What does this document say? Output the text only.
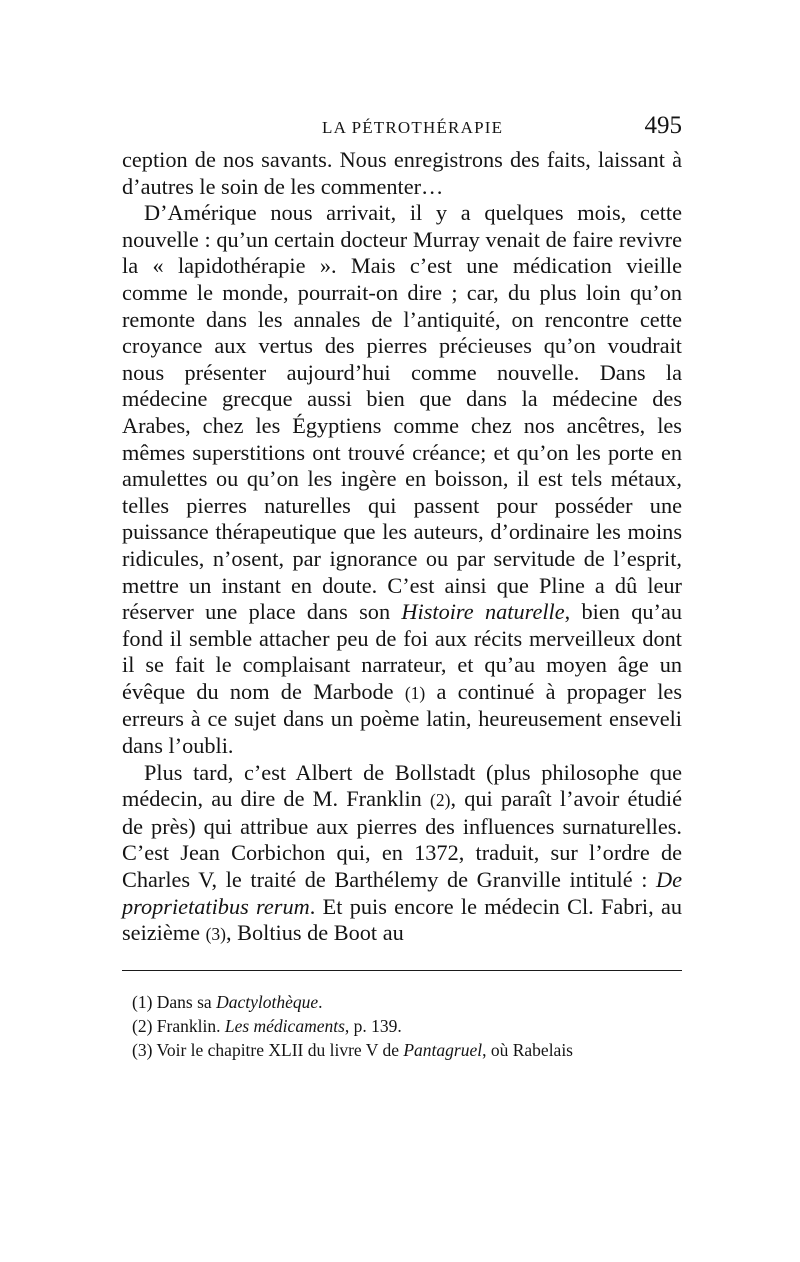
LA PÉTROTHÉRAPIE	495

ception de nos savants. Nous enregistrons des faits, laissant à d’autres le soin de les commenter…

D’Amérique nous arrivait, il y a quelques mois, cette nouvelle : qu’un certain docteur Murray venait de faire revivre la « lapidothérapie ». Mais c’est une médication vieille comme le monde, pourrait-on dire ; car, du plus loin qu’on remonte dans les annales de l’antiquité, on rencontre cette croyance aux vertus des pierres précieuses qu’on voudrait nous présenter aujourd’hui comme nouvelle. Dans la médecine grecque aussi bien que dans la médecine des Arabes, chez les Égyptiens comme chez nos ancêtres, les mêmes superstitions ont trouvé créance; et qu’on les porte en amulettes ou qu’on les ingère en boisson, il est tels métaux, telles pierres naturelles qui passent pour posséder une puissance thérapeutique que les auteurs, d’ordinaire les moins ridicules, n’osent, par ignorance ou par servitude de l’esprit, mettre un instant en doute. C’est ainsi que Pline a dû leur réserver une place dans son Histoire naturelle, bien qu’au fond il semble attacher peu de foi aux récits merveilleux dont il se fait le complaisant narrateur, et qu’au moyen âge un évêque du nom de Marbode (1) a continué à propager les erreurs à ce sujet dans un poème latin, heureusement enseveli dans l’oubli.

Plus tard, c’est Albert de Bollstadt (plus philosophe que médecin, au dire de M. Franklin (2), qui paraît l’avoir étudié de près) qui attribue aux pierres des influences surnaturelles. C’est Jean Corbichon qui, en 1372, traduit, sur l’ordre de Charles V, le traité de Barthélemy de Granville intitulé : De proprietatibus rerum. Et puis encore le médecin Cl. Fabri, au seizième (3), Boltius de Boot au

(1) Dans sa Dactylothèque.

(2) Franklin. Les médicaments, p. 139.

(3) Voir le chapitre XLII du livre V de Pantagruel, où Rabelais
